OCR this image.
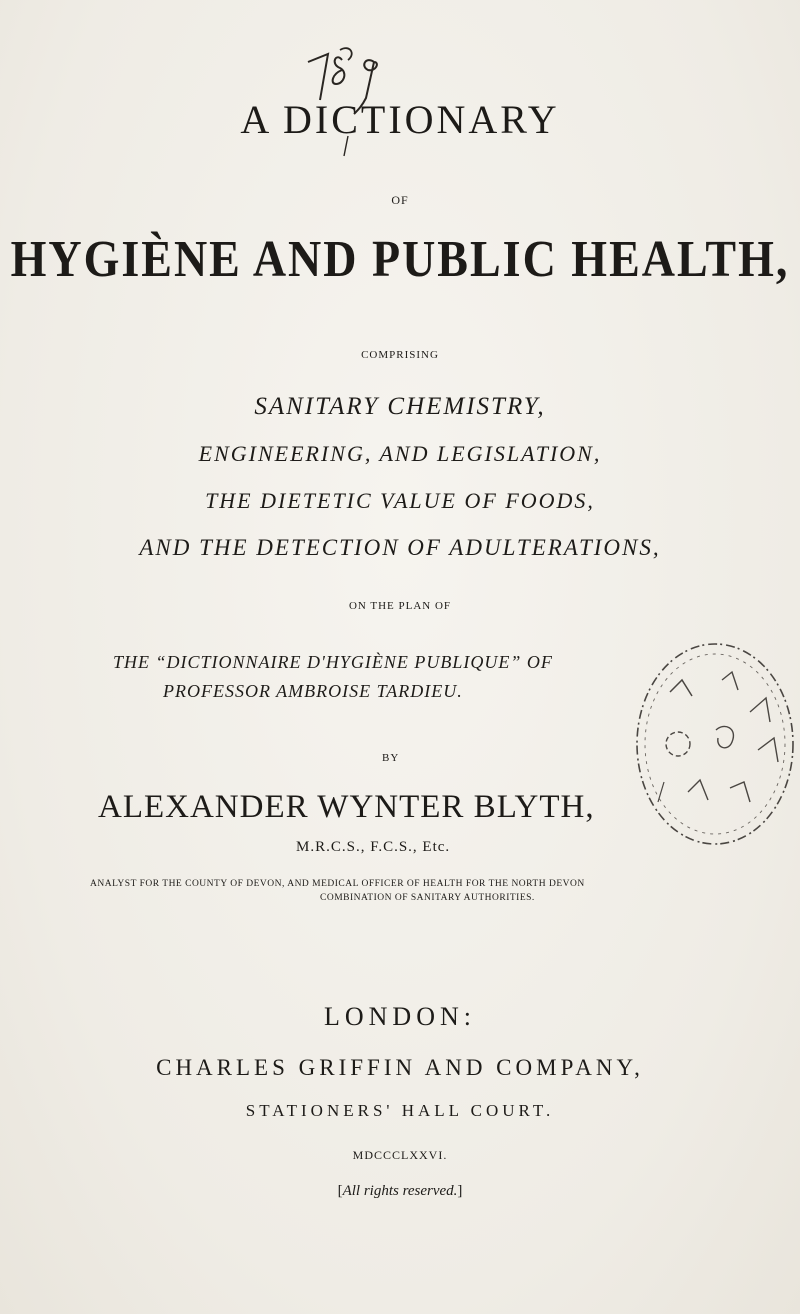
A DICTIONARY
OF
HYGIÈNE AND PUBLIC HEALTH,
COMPRISING
SANITARY CHEMISTRY,
ENGINEERING, AND LEGISLATION,
THE DIETETIC VALUE OF FOODS,
AND THE DETECTION OF ADULTERATIONS,
ON THE PLAN OF
THE “DICTIONNAIRE D'HYGIÈNE PUBLIQUE” OF
PROFESSOR AMBROISE TARDIEU.
BY
ALEXANDER WYNTER BLYTH,
M.R.C.S., F.C.S., Etc.
ANALYST FOR THE COUNTY OF DEVON, AND MEDICAL OFFICER OF HEALTH FOR THE NORTH DEVON
COMBINATION OF SANITARY AUTHORITIES.
LONDON:
CHARLES GRIFFIN AND COMPANY,
STATIONERS' HALL COURT.
MDCCCLXXVI.
[All rights reserved.]
